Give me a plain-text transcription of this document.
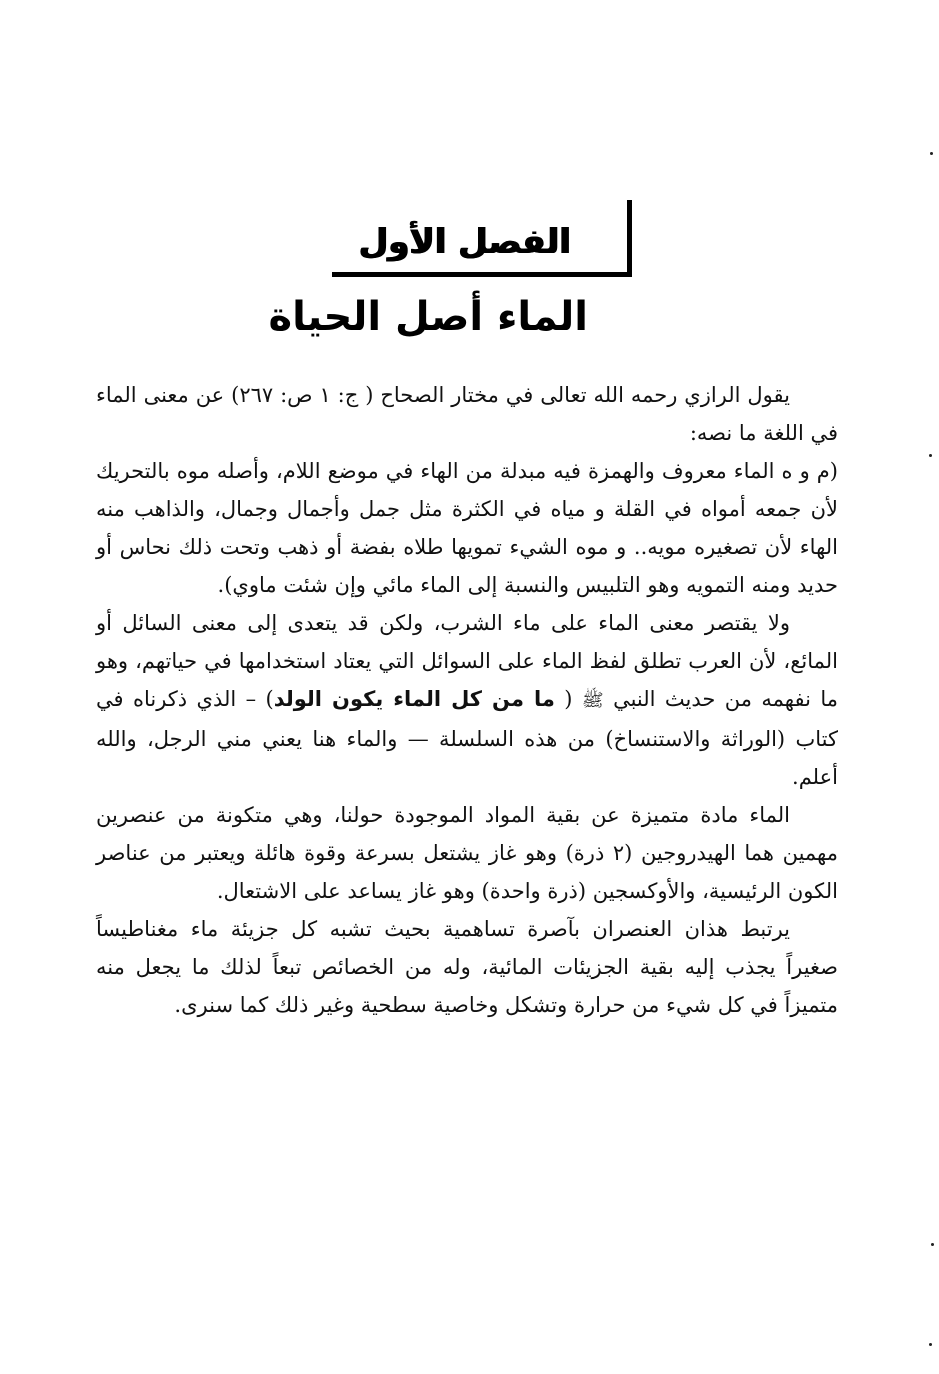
الفصل الأول
الماء أصل الحياة

يقول الرازي رحمه الله تعالى في مختار الصحاح ( ج: ١ ص: ٢٦٧) عن معنى الماء في اللغة ما نصه:

(م و ه الماء معروف والهمزة فيه مبدلة من الهاء في موضع اللام، وأصله موه بالتحريك لأن جمعه أمواه في القلة و مياه في الكثرة مثل جمل وأجمال وجمال، والذاهب منه الهاء لأن تصغيره مويه.. و موه الشيء تمويها طلاه بفضة أو ذهب وتحت ذلك نحاس أو حديد ومنه التمويه وهو التلبيس والنسبة إلى الماء مائي وإن شئت ماوي).

ولا يقتصر معنى الماء على ماء الشرب، ولكن قد يتعدى إلى معنى السائل أو المائع، لأن العرب تطلق لفظ الماء على السوائل التي يعتاد استخدامها في حياتهم، وهو ما نفهمه من حديث النبي ﷺ ( ما من كل الماء يكون الولد) – الذي ذكرناه في كتاب (الوراثة والاستنساخ) من هذه السلسلة — والماء هنا يعني مني الرجل، والله أعلم.

الماء مادة متميزة عن بقية المواد الموجودة حولنا، وهي متكونة من عنصرين مهمين هما الهيدروجين (٢ ذرة) وهو غاز يشتعل بسرعة وقوة هائلة ويعتبر من عناصر الكون الرئيسية، والأوكسجين (ذرة واحدة) وهو غاز يساعد على الاشتعال.

يرتبط هذان العنصران بآصرة تساهمية بحيث تشبه كل جزيئة ماء مغناطيساً صغيراً يجذب إليه بقية الجزيئات المائية، وله من الخصائص تبعاً لذلك ما يجعل منه متميزاً في كل شيء من حرارة وتشكل وخاصية سطحية وغير ذلك كما سنرى.
